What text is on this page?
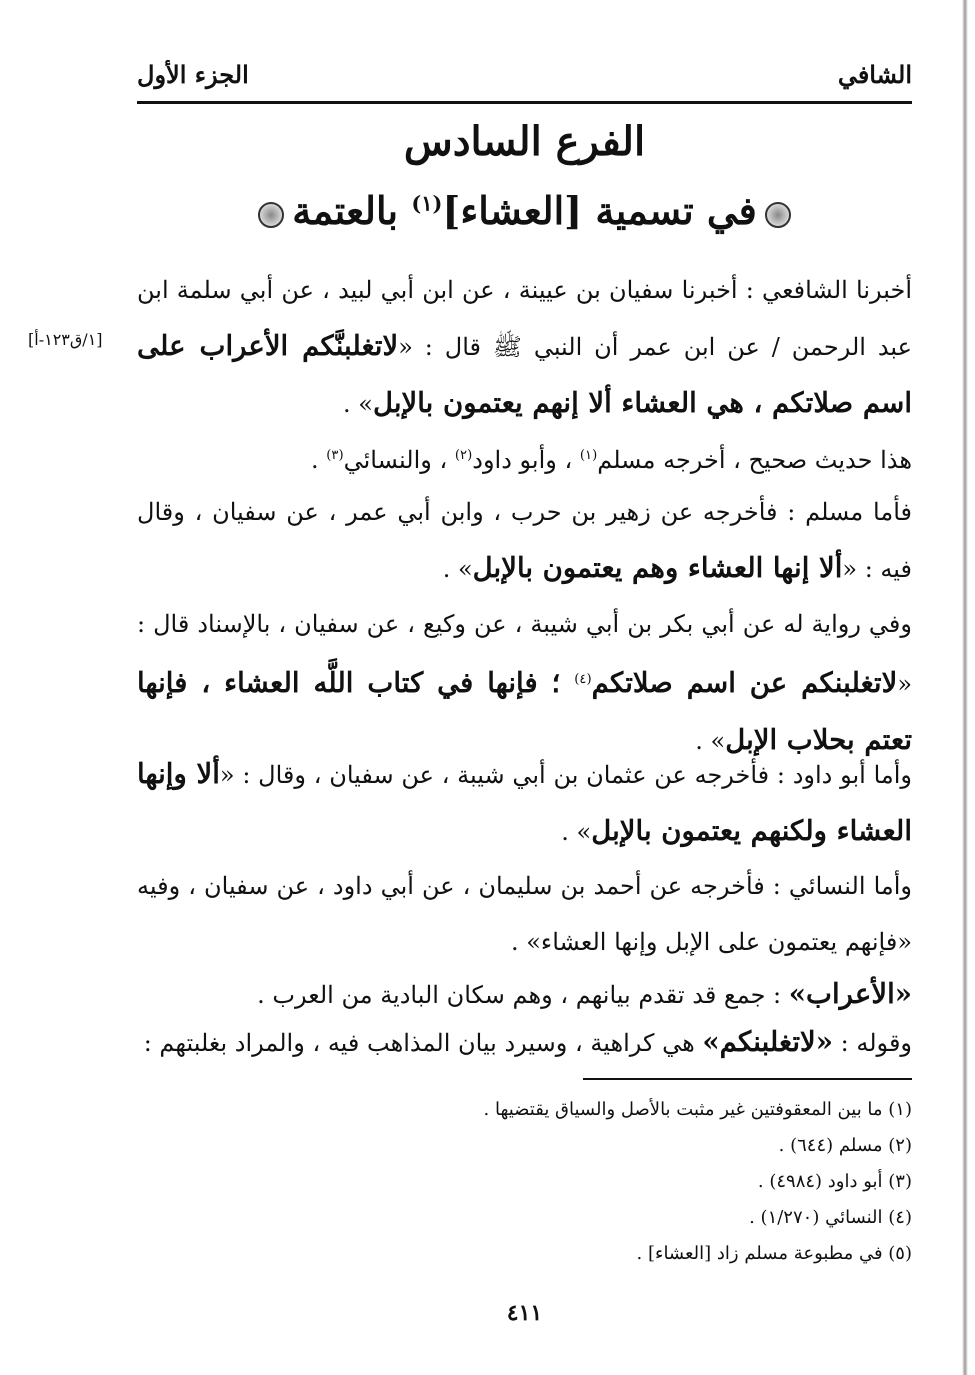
الشافي
الجزء الأول
الفرع السادس
في تسمية [العشاء]$^{(١)}$ بالعتمة
[١/ق١٢٣-أ]
أخبرنا الشافعي : أخبرنا سفيان بن عيينة ، عن ابن أبي لبيد ، عن أبي سلمة ابن عبد الرحمن / عن ابن عمر أن النبي ﷺ قال : «لاتغلبنَّكم الأعراب على اسم صلاتكم ، هي العشاء ألا إنهم يعتمون بالإبل» .
هذا حديث صحيح ، أخرجه مسلم$^{(١)}$ ، وأبو داود$^{(٢)}$ ، والنسائي$^{(٣)}$ .
فأما مسلم : فأخرجه عن زهير بن حرب ، وابن أبي عمر ، عن سفيان ، وقال فيه : «ألا إنها العشاء وهم يعتمون بالإبل» .
وفي رواية له عن أبي بكر بن أبي شيبة ، عن وكيع ، عن سفيان ، بالإسناد قال : «لاتغلبنكم عن اسم صلاتكم$^{(٤)}$ ؛ فإنها في كتاب اللَّه العشاء ، فإنها تعتم بحلاب الإبل» .
وأما أبو داود : فأخرجه عن عثمان بن أبي شيبة ، عن سفيان ، وقال : «ألا وإنها العشاء ولكنهم يعتمون بالإبل» .
وأما النسائي : فأخرجه عن أحمد بن سليمان ، عن أبي داود ، عن سفيان ، وفيه «فإنهم يعتمون على الإبل وإنها العشاء» .
«الأعراب» : جمع قد تقدم بيانهم ، وهم سكان البادية من العرب .
وقوله : «لاتغلبنكم» هي كراهية ، وسيرد بيان المذاهب فيه ، والمراد بغلبتهم :
(١) ما بين المعقوفتين غير مثبت بالأصل والسياق يقتضيها .
(٢) مسلم (٦٤٤) .
(٣) أبو داود (٤٩٨٤) .
(٤) النسائي (١/٢٧٠) .
(٥) في مطبوعة مسلم زاد [العشاء] .
٤١١
